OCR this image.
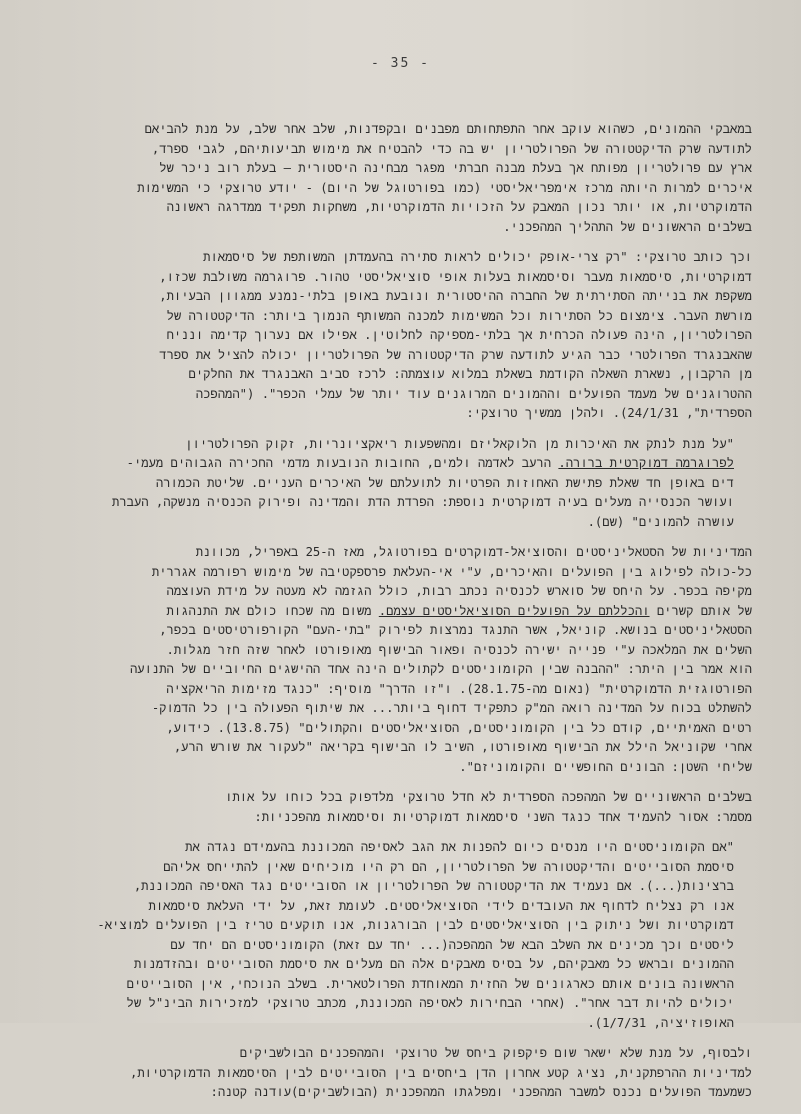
- 35 -
במאבקי ההמונים, כשהוא עוקב אחר התפתחותם מפבנים ובקפדנות, שלב אחר שלב, על מנת להביאם
לתודעה שרק הדיקטטורה של הפרולטריון יש בה כדי להבטיח את מימוש תביעותיהם, לגבי ספרד,
ארץ עם פרולטריון מפותח אך בעלת מבנה חברתי מפגר מבחינה היסטורית — בעלת רוב ניכר של
איכרים למרות היותה מרכז אימפריאליסטי (כמו בפורטוגל של היום) - יודע טרוצקי כי המשימות
הדמוקרטיות, או יותר נכון המאבק על הזכויות הדמוקרטיות, משחקות תפקיד ממדרגה ראשונה
בשלבים הראשונים של התהליך המהפכני.
וכך כותב טרוצקי: "רק צרי-אופק יכולים לראות סתירה בהעמדתן המשותפת של סיסמאות
דמוקרטיות, סיסמאות מעבר וסיסמאות בעלות אופי סוציאליסטי טהור. פרוגרמה משולבת שכזו,
משקפת את בנייתה הסתירתית של החברה ההיסטורית ונובעת באופן בלתי-נמנע ממגוון הבעיות,
מורשת העבר. צימצום כל הסתירות וכל המשימות למכנה המשותף הנמוך ביותר: הדיקטטורה של
הפרולטריון, הינה פעולה הכרחית אך בלתי-מספיקה לחלוטין. אפילו אם נערוך קדימה ונניח
שהאבנגרד הפרולטרי כבר הגיע לתודעה שרק הדיקטטורה של הפרולטריון יכולה להציל את ספרד
מן הרקבון, נשארת השאלה הקודמת בשאלת במלוא עוצמתה: לרכז סביב האבנגרד את החלקים
ההטרוגנים של מעמד הפועלים וההמונים המרוגנים עוד יותר של עמלי הכפר". ("המהפכה
הספרדית", 24/1/31). ולהלן ממשיך טרוצקי:
"על מנת לנתק את האיכרות מן הלוקאליזם ומהשפעות ריאקציונריות, זקוק הפרולטריון
לפרוגרמה דמוקרטית ברורה. הרעב לאדמה ולמים, החובות הנובעות מדמי החכירה הגבוהים מעמי-
דים באופן חד שאלת פתישת האחוזות הפרטיות לתועלתם של האיכרים העניים. שליטת הכמורה
ועושר הכנסייה מעלים בעיה דמוקרטית נוספת: הפרדת הדת והמדינה ופירוק הכנסיה מנשקה, העברת
עושרה להמונים" (שם).
המדיניות של הסטאליניסטים והסוציאל-דמוקרטים בפורטוגל, מאז ה-25 באפריל, מכוונת
כל-כולה לפילוג בין הפועלים והאיכרים, ע"י אי-העלאת פרספקטיבה של מימוש רפורמה אגררית
מקיפה בכפר. על היחס של סוארש לכנסיה נכתב רבות, כולל הגזמה לא מעטה על מידת העוצמה
של אותם קשרים והכללתם על הפועלים הסוציאליסטים עצמם. משום מה שכחו כולם את התנהגות
הסטאליניסטים בנושא. קוניאל, אשר התנגד נמרצות לפירוק "בתי-העם" הקורפורטיסטים בכפר,
השלים את המלאכה ע"י פנייה ישירה לכנסיה ופאור הבישוף מאופורטו לאחר שזה חזר מגלות.
הוא אמר בין היתר: "ההבנה שבין הקומוניסטים לקתולים הינה אחד ההישגים החיוביים של התנועה
הפורטוגזית הדמוקרטית" (נאום מה-28.1.75). ו"זו הדרך" מוסיף: "כנגד מזימות הריאקציה
להשתלט בכוח על המדינה רואה המ"ק כתפקיד דחוף ביותר... את שיתוף הפעולה בין כל הדמוק-
רטים האמיתיים, קודם כל בין הקומוניסטים, הסוציאליסטים והקתולים" (13.8.75). כידוע,
אחרי שקוניאל הילל את הבישוף מאופורטו, השיב לו הבישוף בקריאה "לעקור את שורש הרע,
שליחי השטן: הבונים החופשיים והקומוניזם".
בשלבים הראשוניים של המהפכה הספרדית לא חדל טרוצקי מלדפוק בכל כוחו על אותו
מסמר: אסור להעמיד אחד כנגד השני סיסמאות דמוקרטיות וסיסמאות מהפכניות:
"אם הקומוניסטים היו מנסים כיום להפנות את הגב לאסיפה המכוננת בהעמידם נגדה את
סיסמת הסובייטים והדיקטטורה של הפרולטריון, הם רק היו מוכיחים שאין להתייחס אליהם
ברצינות(...). אם נעמיד את הדיקטטורה של הפרולטריון או הסובייטים נגד האסיפה המכוננת,
אנו רק נצליח לדחוף את העובדים לידי הסוציאליסטים. לעומת זאת, על ידי העלאת סיסמאות
דמוקרטיות ושל ניתוק בין הסוציאליסטים לבין הבורגנות, אנו תוקעים טריז בין הפועלים למוציא-
ליסטים וכך מכינים את השלב הבא של המהפכה(... יחד עם זאת) הקומוניסטים הם יחד עם
ההמונים ובראש כל מאבקיהם, על בסיס מאבקים אלה הם מעלים את סיסמת הסובייטים ובהזדמנות
הראשונה בונים אותם כארגונים של החזית המאוחדת הפרולטארית. בשלב הנוכחי, אין הסובייטים
יכולים להיות דבר אחר". (אחרי הבחירות לאסיפה המכוננת, מכתב טרוצקי למזכירות הבינ"ל של
האופוזיציה, 1/7/31).
ולבסוף, על מנת שלא ישאר שום פיקפוק ביחס של טרוצקי והמהפכנים הבולשביקים
למדיניות ההרפתקנית, נציג קטע אחרון הדן ביחסים בין הסובייטים לבין הסיסמאות הדמוקרטיות,
כשמעמד הפועלים נכנס למשבר המהפכני ומפלגתו המהפכנית (הבולשביקים)עודנה קטנה:
